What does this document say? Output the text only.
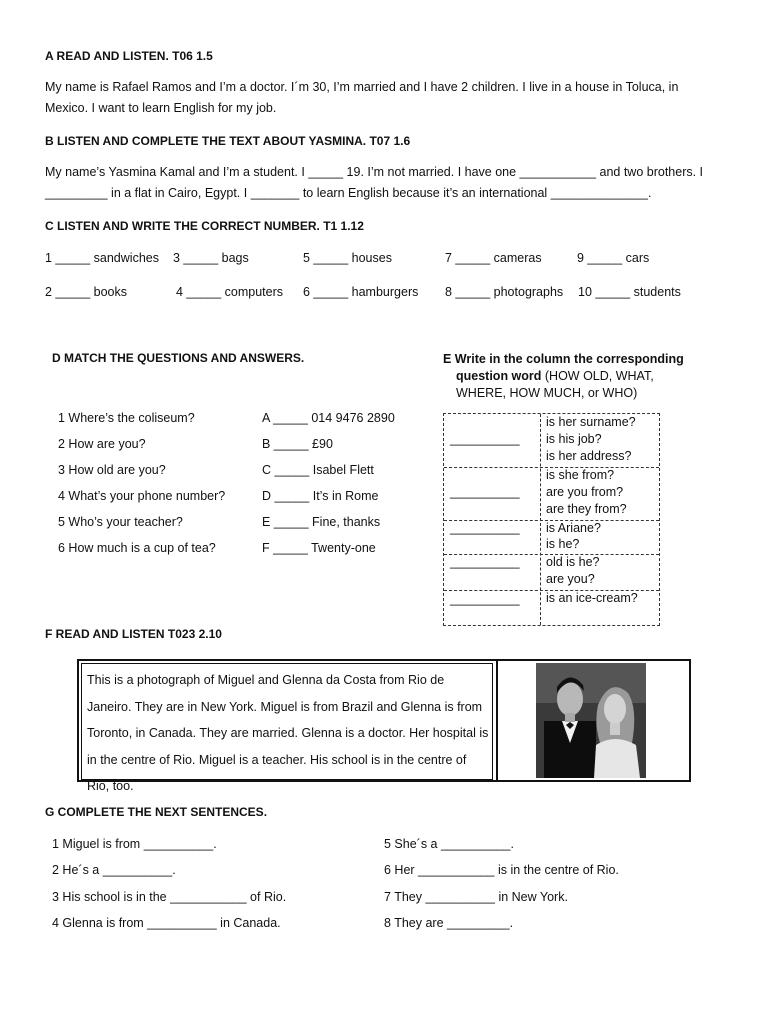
A READ AND LISTEN. T06 1.5
My name is Rafael Ramos and I’m a doctor. I´m 30, I’m married and I have 2 children. I live in a house in Toluca, in Mexico. I want to learn English for my job.
B LISTEN AND COMPLETE THE TEXT ABOUT YASMINA. T07 1.6
My name’s Yasmina Kamal and I’m a student. I _____ 19. I’m not married. I have one ___________ and two brothers. I _________ in a flat in Cairo, Egypt. I _______ to learn English because it’s an international ______________.
C LISTEN AND WRITE THE CORRECT NUMBER. T1 1.12
1 _____ sandwiches 3 _____ bags	5 _____ houses	7 _____ cameras	9 _____ cars
2 _____ books	4 _____ computers 6 _____ hamburgers 8 _____ photographs 10 _____ students
D MATCH THE QUESTIONS AND ANSWERS.
1 Where’s the coliseum?
2 How are you?
3 How old are you?
4 What’s your phone number?
5 Who’s your teacher?
6 How much is a cup of tea?
A _____ 014 9476 2890
B _____ £90
C _____ Isabel Flett
D _____ It’s in Rome
E _____ Fine, thanks
F _____ Twenty-one
E Write in the column the corresponding
question word (HOW OLD, WHAT,
WHERE, HOW MUCH, or WHO)
__________
is her surname?
is his job?
is her address?
__________
is she from?
are you from?
are they from?
__________ is Ariane?
is he?
__________ old is he?
are you?
__________ is an ice-cream?
F READ AND LISTEN T023 2.10
This is a photograph of Miguel and Glenna da Costa from Rio de Janeiro. They are in New York. Miguel is from Brazil and Glenna is from Toronto, in Canada. They are married. Glenna is a doctor. Her hospital is in the centre of Rio. Miguel is a teacher. His school is in the centre of Rio, too.
G COMPLETE THE NEXT SENTENCES.
1 Miguel is from __________.
2 He´s a __________.
3 His school is in the ___________ of Rio.
4 Glenna is from __________ in Canada.
5 She´s a __________.
6 Her ___________ is in the centre of Rio.
7 They __________ in New York.
8 They are _________.
